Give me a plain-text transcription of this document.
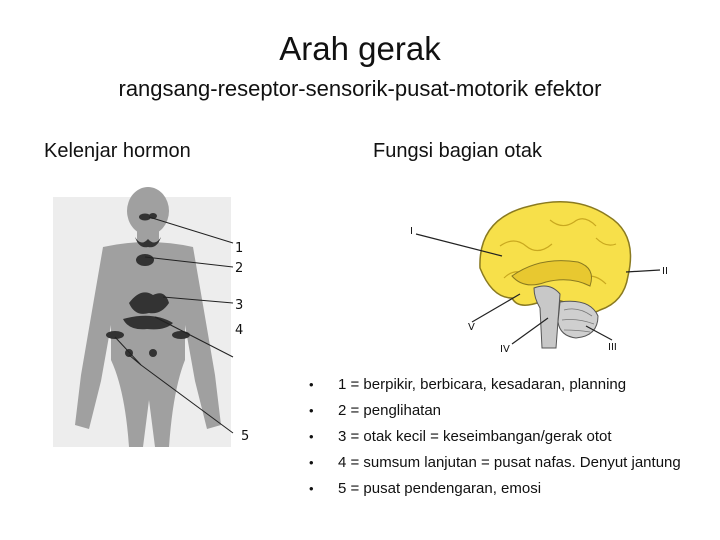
Arah gerak
rangsang-reseptor-sensorik-pusat-motorik efektor
Kelenjar hormon	Fungsi bagian otak
1
2
3
4
5
I
II
III
IV
V
• 1 = berpikir, berbicara, kesadaran, planning
• 2 = penglihatan
• 3 = otak kecil = keseimbangan/gerak otot
• 4 = sumsum lanjutan = pusat nafas. Denyut jantung
• 5 = pusat pendengaran, emosi
